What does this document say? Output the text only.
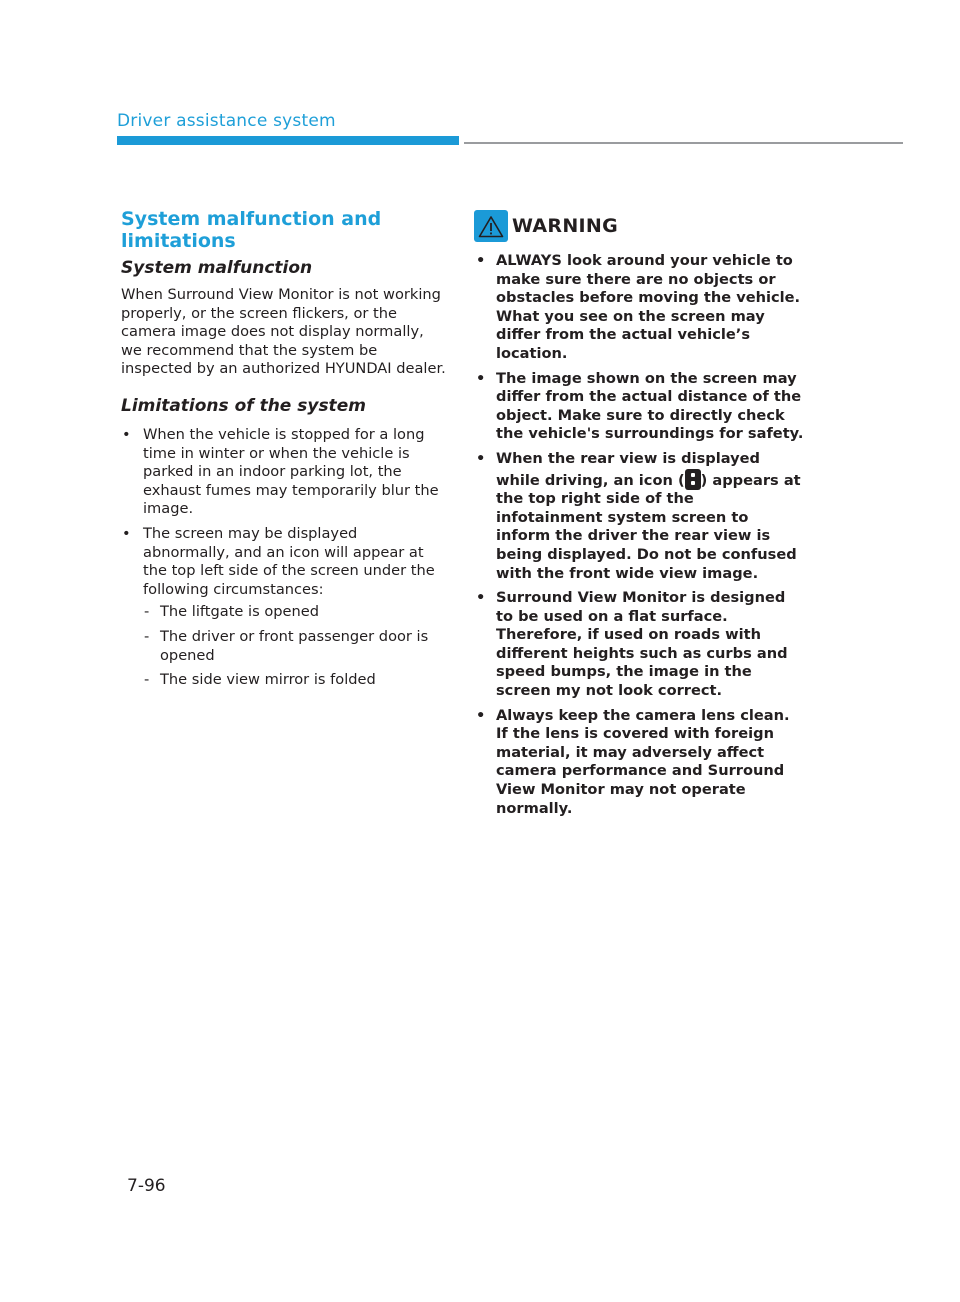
Driver assistance system
System malfunction and limitations
System malfunction

When Surround View Monitor is not working properly, or the screen flickers, or the camera image does not display normally, we recommend that the system be inspected by an authorized HYUNDAI dealer.

Limitations of the system
• When the vehicle is stopped for a long time in winter or when the vehicle is parked in an indoor parking lot, the exhaust fumes may temporarily blur the image.
• The screen may be displayed abnormally, and an icon will appear at the top left side of the screen under the following circumstances:
- The liftgate is opened
- The driver or front passenger door is opened
- The side view mirror is folded
WARNING
• ALWAYS look around your vehicle to make sure there are no objects or obstacles before moving the vehicle. What you see on the screen may differ from the actual vehicle’s location.
• The image shown on the screen may differ from the actual distance of the object. Make sure to directly check the vehicle's surroundings for safety.
• When the rear view is displayed while driving, an icon ( ) appears at the top right side of the infotainment system screen to inform the driver the rear view is being displayed. Do not be confused with the front wide view image.
• Surround View Monitor is designed to be used on a flat surface. Therefore, if used on roads with different heights such as curbs and speed bumps, the image in the screen my not look correct.
• Always keep the camera lens clean. If the lens is covered with foreign material, it may adversely affect camera performance and Surround View Monitor may not operate normally.
7-96
